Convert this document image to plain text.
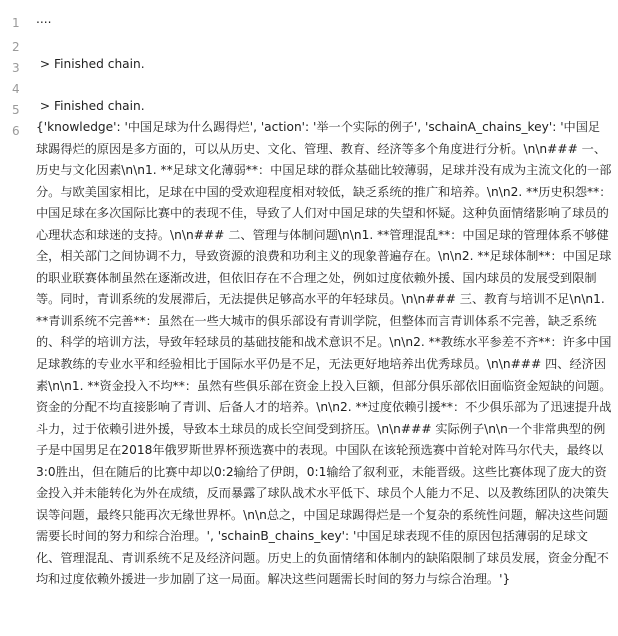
1	....
2
3	> Finished chain.
4
5	> Finished chain.
6	{'knowledge': '中国足球为什么踢得烂', 'action': '举一个实际的例子', 'schainA_chains_key': '中国足球踢得烂的原因是多方面的，可以从历史、文化、管理、教育、经济等多个角度进行分析。\n\n### 一、历史与文化因素\n\n1. **足球文化薄弱**：中国足球的群众基础比较薄弱，足球并没有成为主流文化的一部分。与欧美国家相比，足球在中国的受欢迎程度相对较低，缺乏系统的推广和培养。\n\n2. **历史积怨**：中国足球在多次国际比赛中的表现不佳，导致了人们对中国足球的失望和怀疑。这种负面情绪影响了球员的心理状态和球迷的支持。\n\n### 二、管理与体制问题\n\n1. **管理混乱**：中国足球的管理体系不够健全，相关部门之间协调不力，导致资源的浪费和功利主义的现象普遍存在。\n\n2. **足球体制**：中国足球的职业联赛体制虽然在逐渐改进，但依旧存在不合理之处，例如过度依赖外援、国内球员的发展受到限制等。同时，青训系统的发展滞后，无法提供足够高水平的年轻球员。\n\n### 三、教育与培训不足\n\n1. **青训系统不完善**：虽然在一些大城市的俱乐部设有青训学院，但整体而言青训体系不完善，缺乏系统的、科学的培训方法，导致年轻球员的基础技能和战术意识不足。\n\n2. **教练水平参差不齐**：许多中国足球教练的专业水平和经验相比于国际水平仍是不足，无法更好地培养出优秀球员。\n\n### 四、经济因素\n\n1. **资金投入不均**：虽然有些俱乐部在资金上投入巨额，但部分俱乐部依旧面临资金短缺的问题。资金的分配不均直接影响了青训、后备人才的培养。\n\n2. **过度依赖引援**：不少俱乐部为了迅速提升战斗力，过于依赖引进外援，导致本土球员的成长空间受到挤压。\n\n### 实际例子\n\n一个非常典型的例子是中国男足在2018年俄罗斯世界杯预选赛中的表现。中国队在该轮预选赛中首轮对阵马尔代夫，最终以3:0胜出，但在随后的比赛中却以0:2输给了伊朗，0:1输给了叙利亚，未能晋级。这些比赛体现了庞大的资金投入并未能转化为外在成绩，反而暴露了球队战术水平低下、球员个人能力不足、以及教练团队的决策失误等问题，最终只能再次无缘世界杯。\n\n总之，中国足球踢得烂是一个复杂的系统性问题，解决这些问题需要长时间的努力和综合治理。', 'schainB_chains_key': '中国足球表现不佳的原因包括薄弱的足球文化、管理混乱、青训系统不足及经济问题。历史上的负面情绪和体制内的缺陷限制了球员发展，资金分配不均和过度依赖外援进一步加剧了这一局面。解决这些问题需长时间的努力与综合治理。'}
